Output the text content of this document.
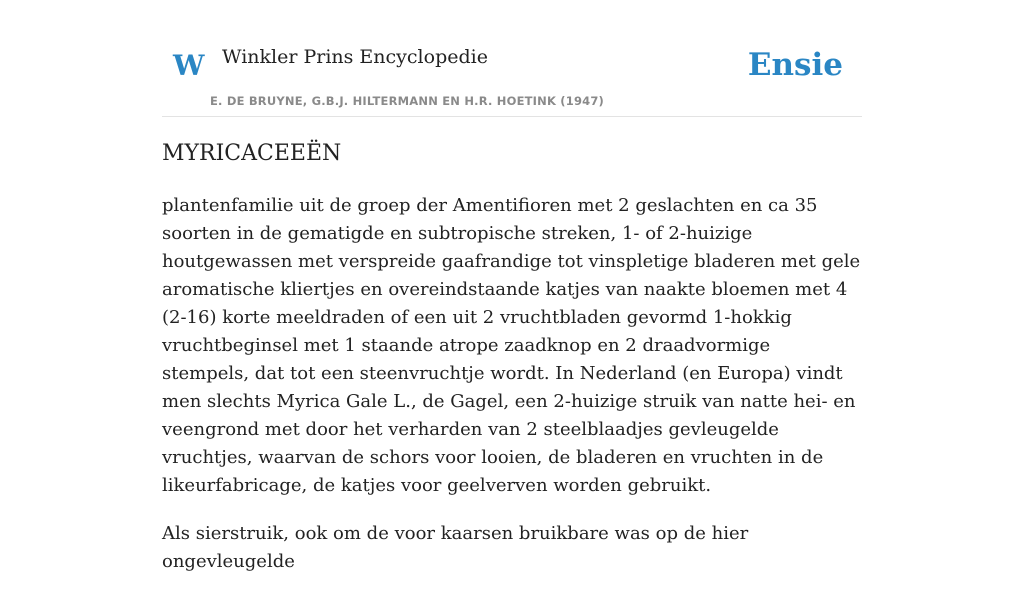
W Winkler Prins Encyclopedie
E. DE BRUYNE, G.B.J. HILTERMANN EN H.R. HOETINK (1947)
Ensie
MYRICACEEËN

plantenfamilie uit de groep der Amentifioren met 2 geslachten en ca 35 soorten in de gematigde en subtropische streken, 1- of 2-huizige houtgewassen met verspreide gaafrandige tot vinspletige bladeren met gele aromatische kliertjes en overeindstaande katjes van naakte bloemen met 4 (2-16) korte meeldraden of een uit 2 vruchtbladen gevormd 1-hokkig vruchtbeginsel met 1 staande atrope zaadknop en 2 draadvormige stempels, dat tot een steenvruchtje wordt. In Nederland (en Europa) vindt men slechts Myrica Gale L., de Gagel, een 2-huizige struik van natte hei- en veengrond met door het verharden van 2 steelblaadjes gevleugelde vruchtjes, waarvan de schors voor looien, de bladeren en vruchten in de likeurfabricage, de katjes voor geelverven worden gebruikt.

Als sierstruik, ook om de voor kaarsen bruikbare was op de hier ongevleugelde
